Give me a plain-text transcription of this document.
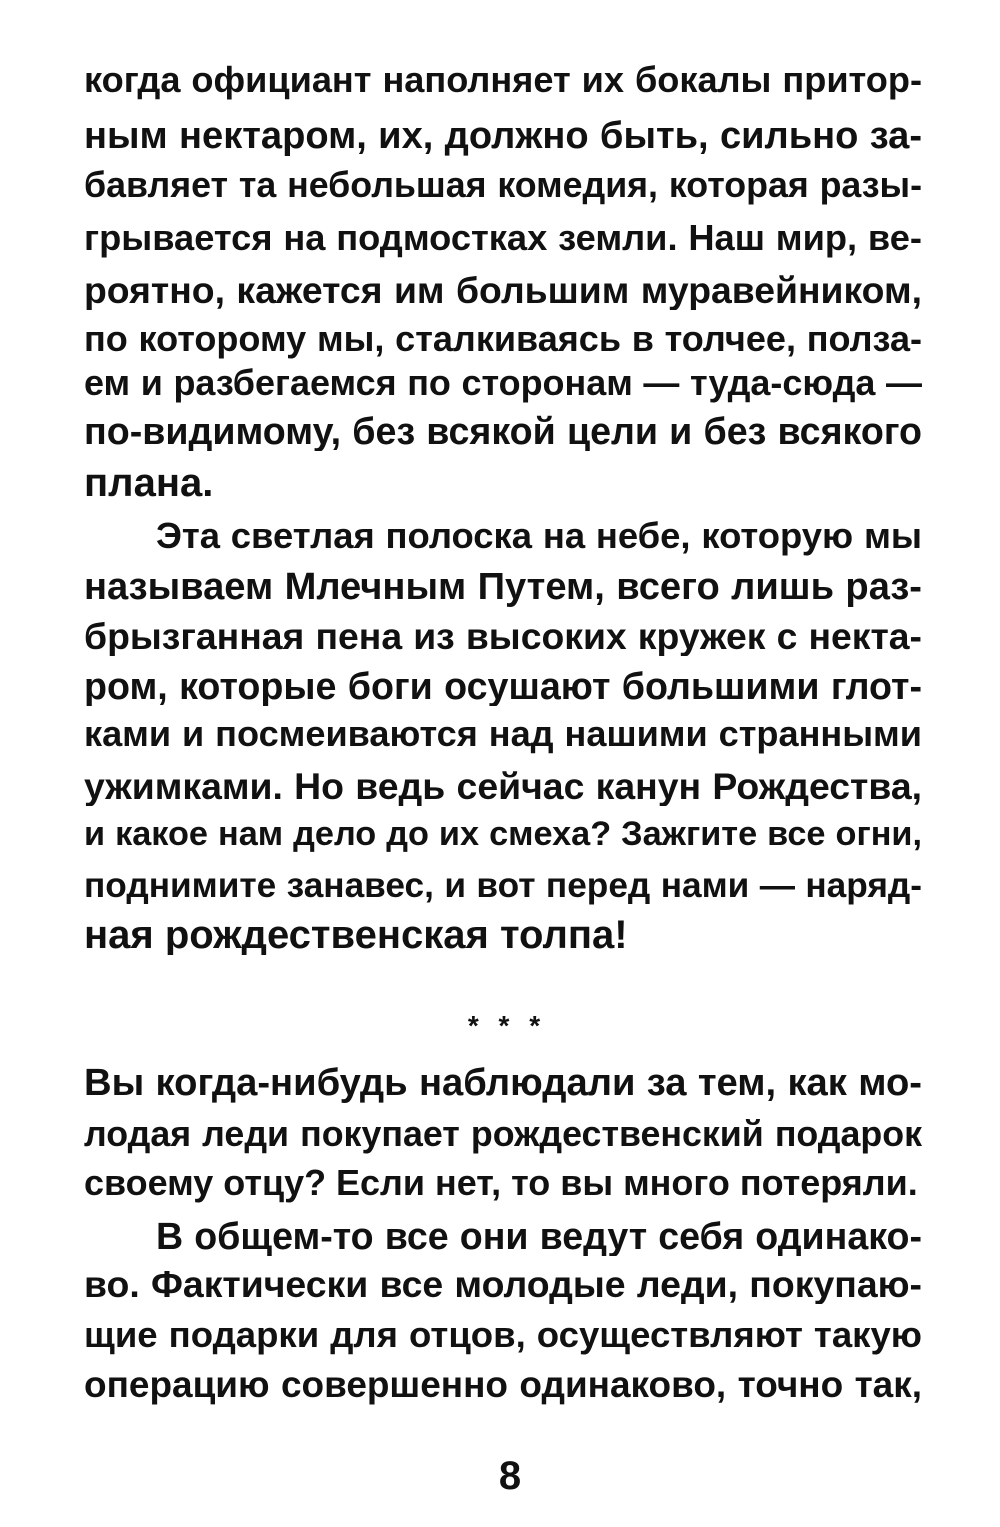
когда официант наполняет их бокалы притор-

ным нектаром, их, должно быть, сильно за-

бавляет та небольшая комедия, которая разы-

грывается на подмостках земли. Наш мир, ве-

роятно, кажется им большим муравейником,

по которому мы, сталкиваясь в толчее, полза-

ем и разбегаемся по сторонам — туда-сюда —

по-видимому, без всякой цели и без всякого

плана.

Эта светлая полоска на небе, которую мы

называем Млечным Путем, всего лишь раз-

брызганная пена из высоких кружек с некта-

ром, которые боги осушают большими глот-

ками и посмеиваются над нашими странными

ужимками. Но ведь сейчас канун Рождества,

и какое нам дело до их смеха? Зажгите все огни,

поднимите занавес, и вот перед нами — наряд-

ная рождественская толпа!

* * *

Вы когда-нибудь наблюдали за тем, как мо-

лодая леди покупает рождественский подарок

своему отцу? Если нет, то вы много потеряли.

В общем-то все они ведут себя одинако-

во. Фактически все молодые леди, покупаю-

щие подарки для отцов, осуществляют такую

операцию совершенно одинаково, точно так,

8
